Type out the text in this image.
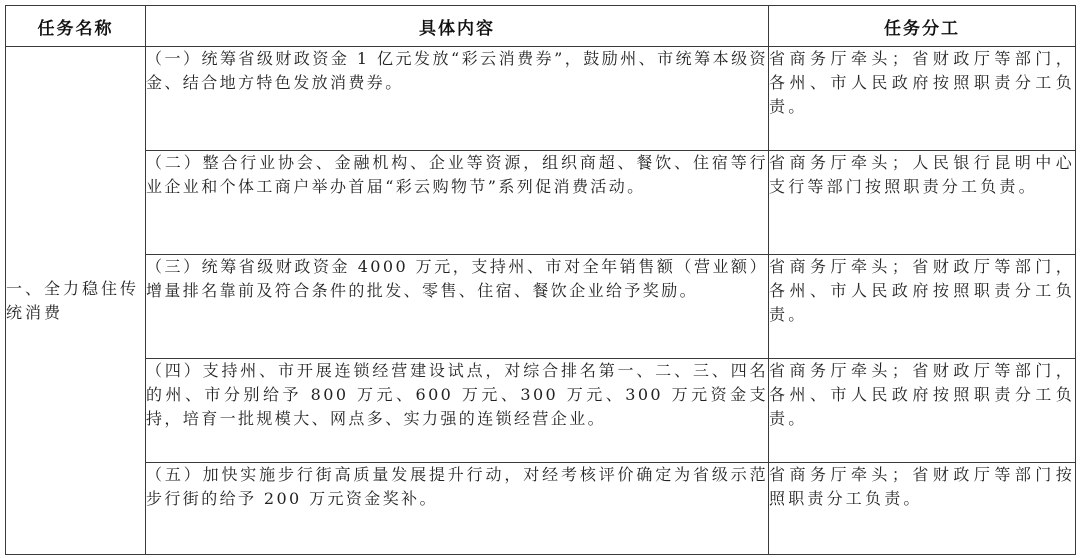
任务名称	具体内容	任务分工
一、全力稳住传统消费	（一）统筹省级财政资金 1 亿元发放“彩云消费券”，鼓励州、市统筹本级资金、结合地方特色发放消费券。	省商务厅牵头；省财政厅等部门，各州、市人民政府按照职责分工负责。
	（二）整合行业协会、金融机构、企业等资源，组织商超、餐饮、住宿等行业企业和个体工商户举办首届“彩云购物节”系列促消费活动。	省商务厅牵头；人民银行昆明中心支行等部门按照职责分工负责。
	（三）统筹省级财政资金 4000 万元，支持州、市对全年销售额（营业额）增量排名靠前及符合条件的批发、零售、住宿、餐饮企业给予奖励。	省商务厅牵头；省财政厅等部门，各州、市人民政府按照职责分工负责。
	（四）支持州、市开展连锁经营建设试点，对综合排名第一、二、三、四名的州、市分别给予 800 万元、600 万元、300 万元、300 万元资金支持，培育一批规模大、网点多、实力强的连锁经营企业。	省商务厅牵头；省财政厅等部门，各州、市人民政府按照职责分工负责。
	（五）加快实施步行街高质量发展提升行动，对经考核评价确定为省级示范步行街的给予 200 万元资金奖补。	省商务厅牵头；省财政厅等部门按照职责分工负责。
